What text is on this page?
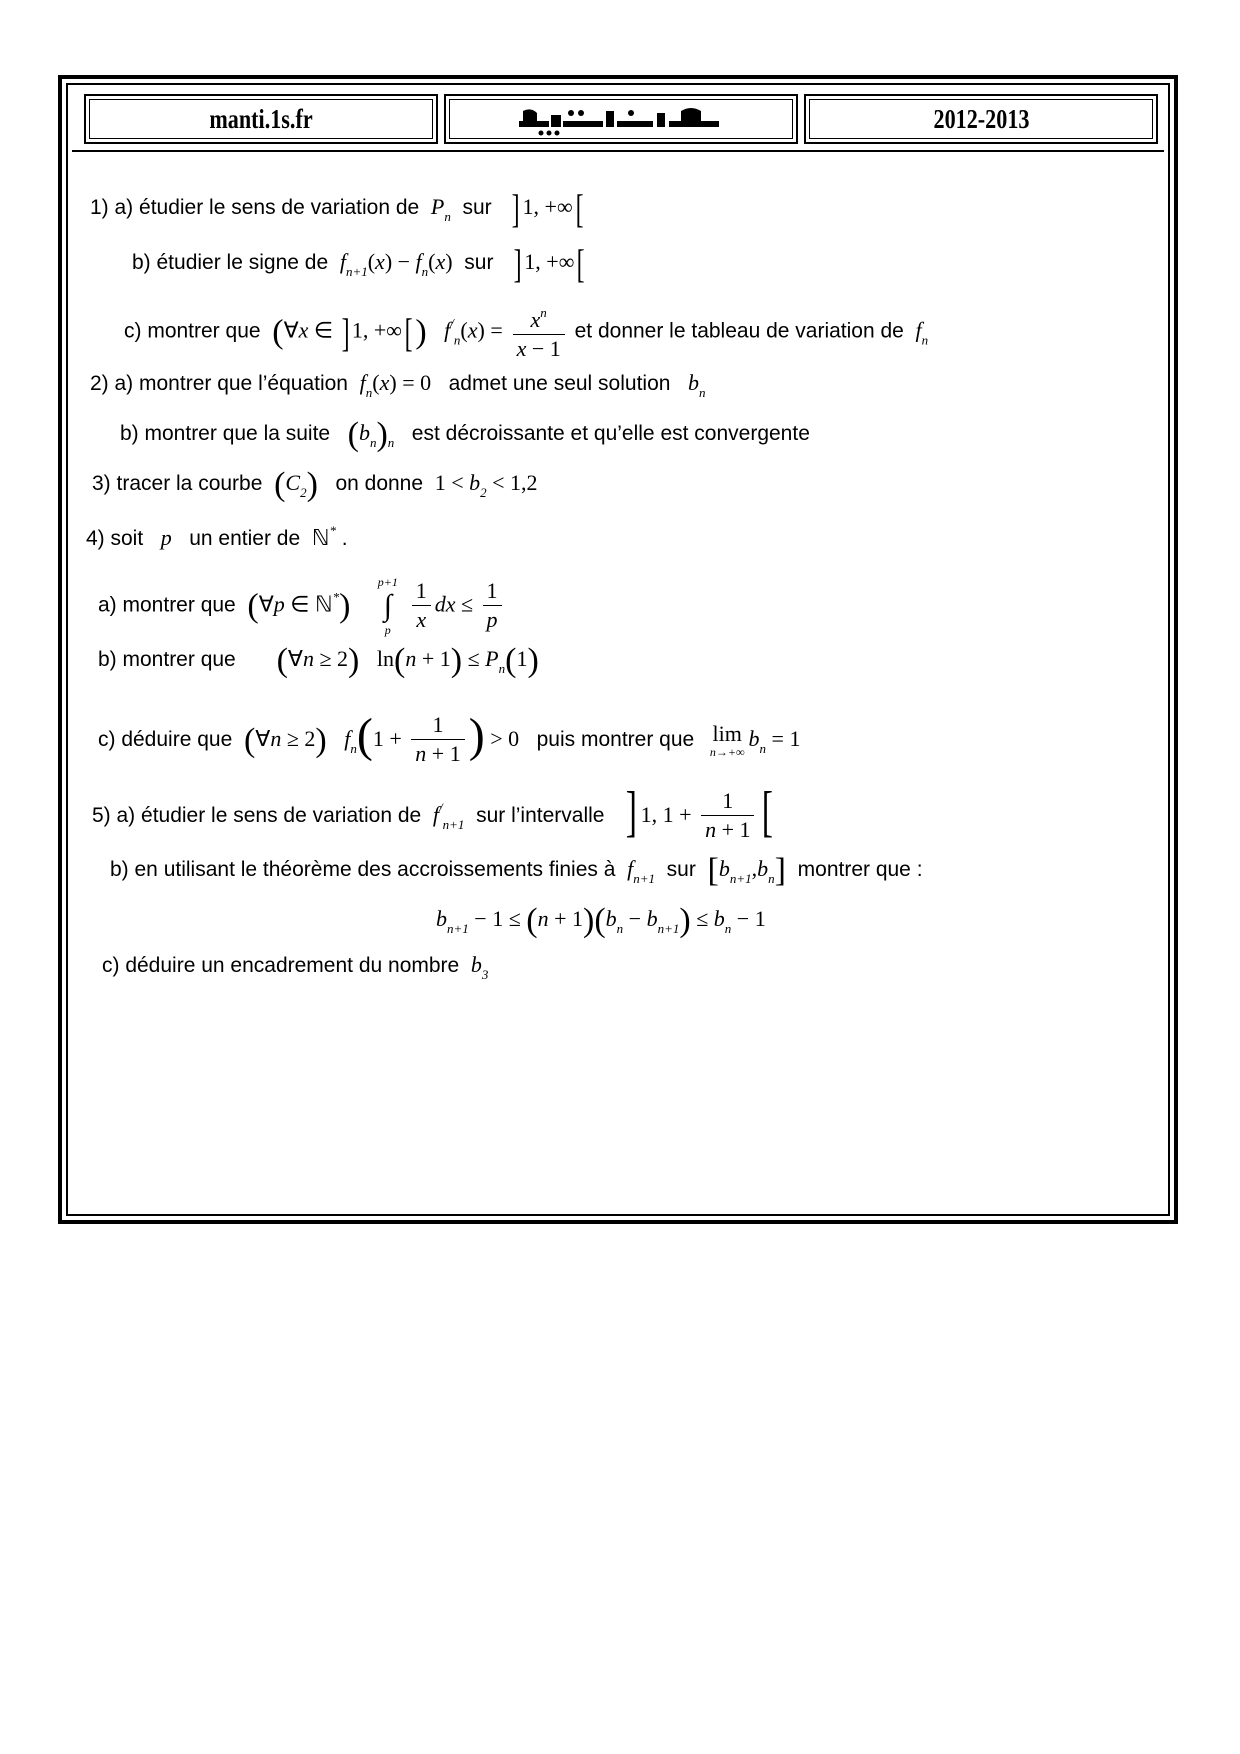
manti.1s.fr	2012-2013
1) a) étudier le sens de variation de $P_n$ sur ] 1, +∞[
b) étudier le signe de $f_{n+1}(x) - f_n(x)$ sur ] 1, +∞[
c) montrer que (∀x ∈ ] 1, +∞[) $f^/_n(x) = \frac{x^n}{x - 1}$ et donner le tableau de variation de $f_n$
2) a) montrer que l’équation $f_n(x) = 0$ admet une seul solution $b_n$
b) montrer que la suite $(b_n)_n$ est décroissante et qu’elle est convergente
3) tracer la courbe $(C_2)$ on donne $1 < b_2 < 1,2$
4) soit p un entier de ℕ* .
a) montrer que (∀p ∈ ℕ*)
p+1
∫
p
$\frac{1}{x}$ dx ≤ $\frac{1}{p}$
b) montrer que (∀n ≥ 2) $\ln(n + 1) \le P_n(1)$
c) déduire que (∀n ≥ 2) $f_n(1 + \frac{1}{n + 1}$ ) > 0 puis montrer que lim
n→+∞
$b_n = 1$
5) a) étudier le sens de variation de $f^/_{n+1}$ sur l’intervalle ] 1, $1 + \frac{1}{n + 1}$ [
b) en utilisant le théorème des accroissements finies à $f_{n+1}$ sur $[b_{n+1},b_n]$ montrer que :
$b_{n+1} - 1 \le (n + 1)(b_n - b_{n+1}) \le b_n - 1$
c) déduire un encadrement du nombre $b_3$
